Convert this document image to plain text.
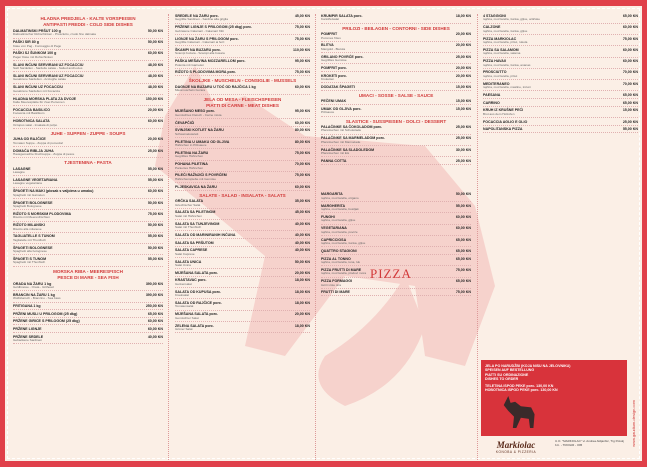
HLADNA PREDJELA - KALTE VORSPEISEN
ANTIPASTI FREDDI - COLD SIDE DISHES
DALMATINSKI PRŠUT 100 g	50,00 KN
Dalmatinischer Rohschinken - Prosciutto, crudo fino dalmata
PAŠKI SIR 80 g	50,00 KN
Käse von Pag - Formaggio di Pago
PAŠKI SJ ŠUNKOM 100 g	60,00 KN
Pager Käse mit Rohschinken
SLANI INĆUNI SERVIRANI UZ FOCACCIU	48,00 KN
Salz Sardellen - Sardelle salate - Salted anchovies
SLANI INĆUNI SERVIRANI UZ FOCACCIU	48,00 KN
Gesalzene Sardellen - Acciughe salate
SLANI INĆUNI UZ FOCACCIU	48,00 KN
Gesalzene Sardellen mit Focaccia
HLADNA MORSKA PLATA ZA DVOJE	150,00 KN
Kalte Meeresplatte für zwei Personen
FOCACCIA BASILICO	20,00 KN
Focaccia mit Basilikum
HOBOTNICA SALATA	60,00 KN
Octopus salat - Insalata di polpo
JUHE - SUPPEN - ZUPPE - SOUPS
JUHA OD RAJČICE	20,00 KN
Tomaten Suppe - Zuppa di pomodori
DOMAĆA RIBLJA JUHA	25,00 KN
Hausgemachte Fischsuppe - Zuppa di pesce
TJESTENINA - PASTA
LASAGNE	55,00 KN
Lasagne
LASAGNE VEGETARIANA	55,00 KN
Lasagne vegetariana
ŠPAGETI NA MAKI (plosak s valjcima u umaku)	60,00 KN
Spaghetti mit Garnelen
ŠPAGETI BOLOGNESE	50,00 KN
Spaghetti Bolognese
RIŽOTO S MORSKIM PLODOVIMA	75,00 KN
Risotto mit Meeresfrüchten
RIŽOTO MILANSKI	50,00 KN
Risotto alla milanese
TAGLIATELLE S TUNOM	55,00 KN
Tagliatelle mit Thunfisch
ŠPAGETI BOLOGNESE	50,00 KN
Spaghetti alla bolognese
ŠPAGETI S TUNOM	55,00 KN
Spaghetti mit Thunfisch
MORSKA RIBA - MEERESFISCH
PESCE DI MARE - SEA FISH
ORADA NA ŽARU 1 kg	390,00 KN
Goldbrasse - Orata - Gilthead
BRANCIN NA ŽARU 1 kg	390,00 KN
Wolfsbarsch - Branzino - Sea bass
FRITIGANA 1 kg	250,00 KN
PRŽENI MUSLI U PRILOGOM (25 dkg)	65,00 KN
PRŽENE GIRICE S PRILOGOM (25 dkg)	60,00 KN
PRŽENE LIGNJE	60,00 KN
PRŽENE SRDELE	40,00 KN
Gebackene Sardinen
SREDELE NA ŽARU porc.	45,00 KN
Gegrillte Sardinen - Sardine alla griglia
PRŽENE LIGNJE S PRILOGOM (25 dkg) porc.	75,00 KN
Gebratene Calamari - Calamari fritti
LIGNJE NA ŽARU S PRILOGOM porc.	75,00 KN
Gegrillte Calamari - Calamari ai ferri
ŠKAMPI NA BUZARU porc.	110,00 KN
Scampi buzara - Scampi alla busara
PAŠKA MEŠAVINA MOZZARELLOM porc.	95,00 KN
Polenta mit Garnelen
RIŽOTO S PLODOVIMA MORA porc.	75,00 KN
ŠKOLJKE - MUSCHELN - CONSIGLIE - MUSSELS
DAGNJE NA BUZARU U TOĆ OD RAJČICA 1 kg	60,00 KN
Miesmuscheln buzara
JELA OD MESA - FLEISCHSPEISEN
PIATTI DI CARNE - MEAT DISHES
MIJEŠANO MESO porc.	95,00 KN
Gemischtes Fleisch - Carne mista
ĆEVAPČIĆI	60,00 KN
SVINJSKI KOTLET NA ŽARU	80,00 KN
Schweinekotelett
PILETINA U UMAKU OD GLJIVA	80,00 KN
Hähnchen in Pilzsauce
PILETINA NA ŽARU	75,00 KN
Gegrilltes Hähnchen
POHANA PILETINA	70,00 KN
Paniertes Hähnchen
PILEĆI RAŽNJIĆI S POVRĆEM	75,00 KN
Hähnchenspieße mit Gemüse
PLJESKAVICA NA ŽARU	60,00 KN
SALATE - SALAD - INSALATA - SALATS
GRČKA SALATA	35,00 KN
Griechischer Salat
SALATA SA PILETINOM	45,00 KN
Salat mit Hähnchen
SALATA SA TUNJEVINOM	40,00 KN
Salat mit Thunfisch
SALATA OD MARINIRANIH INĆUNA	40,00 KN
SALATA SA PRŠUTOM	40,00 KN
SALATA CAPRESE	40,00 KN
Salat Caprese
SALATA UNICA	50,00 KN
Salat Unica
MIJEŠANA SALATA porc.	20,00 KN
KRASTAVAC porc.	18,00 KN
Gurkensalat
SALATA OD KUPUSA porc.	18,00 KN
Krautsalat
SALATA OD RAJČICE porc.	18,00 KN
Tomatensalat
MIJEŠANA SALATA porc.	20,00 KN
Gemischter Salat
ZELENA SALATA porc.	18,00 KN
Grüner Salat
KRUMPIR SALATA porc.	18,00 KN
Kartoffelsalat
PRILOZI - BEILAGEN - CONTORNI - SIDE DISHES
POMFRIT	20,00 KN
Pommes frites
BLITVA	20,00 KN
Mangold - Bietola
GRILANO POVRĆE porc.	25,00 KN
Gegrilltes Gemüse
POMFRIT porc.	20,00 KN
KROKETI porc.	20,00 KN
Kroketten
DODATAK ŠPAGETI	15,00 KN
UMACI - SOSSE - SALSE - SAUCE
PEČENI UMAK	15,00 KN
UMAK OD GLJIVA porc.	15,00 KN
Pilzsauce
SLASTICE - SUSSPEISEN - DOLCI - DESSERT
PALAČINKE SA ČOKOLADOM porc.	25,00 KN
Pfannkuchen mit Schokolade
PALAČINKE SA MARMELADOM porc.	25,00 KN
Pfannkuchen mit Marmelade
PALAČINKE SA SLADOLEDOM	30,00 KN
Pfannkuchen mit Eis
PANNA COTTA	25,00 KN
MARGARITA	50,00 KN
rajčica, mozzarella, origano
MARGHERITA	55,00 KN
rajčica, mozzarella, bosiljak
FUNGHI	60,00 KN
rajčica, mozzarella, gljive
VEGETARIANA	60,00 KN
rajčica, mozzarella, povrće
CAPRICCIOSA	65,00 KN
rajčica, mozzarella, šunka, gljive
QUATTRO STAGIONI	65,00 KN
PIZZA AL TONNO	65,00 KN
rajčica, mozzarella, tuna, luk
PIZZA FRUTTI DI MARE	75,00 KN
rajčica, mozzarella, plodovi mora
PIZZA FORMAGGI	65,00 KN
četiri vrste sira
FRUTTI DI MARE	75,00 KN
4 STAGGIONI	65,00 KN
rajčica, mozzarella, šunka, gljive, artičoke
CALZONE	60,00 KN
rajčica, mozzarella, šunka, gljive
PIZZA MARKIOLAC	75,00 KN
rajčica, mozzarella, pršut, rukola
PIZZA SA SALAMOM	60,00 KN
rajčica, mozzarella, salama
PIZZA HAVAII	60,00 KN
rajčica, mozzarella, šunka, ananas
PROSCIUTTO	70,00 KN
rajčica, mozzarella, pršut
MEDITERANEO	70,00 KN
rajčica, mozzarella, masline, inćuni
PAESANA	65,00 KN
CARRINO	65,00 KN
KRUH IZ KRUŠNE PEĆI	15,00 KN
Brot aus dem Holzofen
FOCACCIA AGLIO E OLIO	25,00 KN
NAPOLITANSKA PIZZA	55,00 KN
PIZZA
JELA PO NARUDŽBI (KOJA NISU NA JELOVNIKU)
SPEISEN AUF BESTELLUNG
PIATTI SU ORDINAZIONE
DISHES TO ORDER
TELETINA ISPOD PEKE porc. 130,00 KN
HOBOTNICA ISPOD PEKE porc. 130,00 KN
Markiolac
KONOBA & PIZZERIA
U.O. "MARKIOLAC" vl. Andrea Aldjanbic, Trg Pokolj b.b. - TROGIR - OIB	www.gaudium-design.com
